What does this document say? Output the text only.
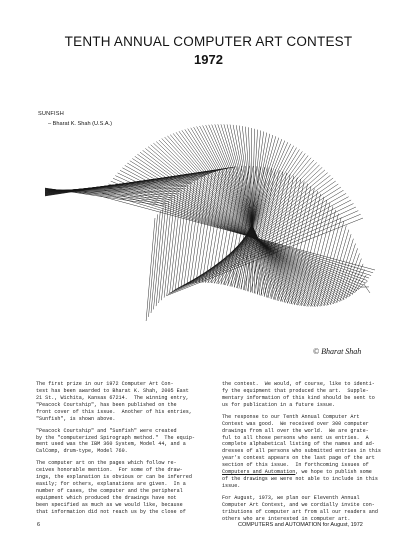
TENTH ANNUAL COMPUTER ART CONTEST
1972
SUNFISH
– Bharat K. Shah (U.S.A.)
© Bharat Shah

The first prize in our 1972 Computer Art Con-
test has been awarded to Bharat K. Shah, 2005 East
21 St., Wichita, Kansas 67214.  The winning entry,
"Peacock Courtship", has been published on the
front cover of this issue.  Another of his entries,
"Sunfish", is shown above.

"Peacock Courtship" and "Sunfish" were created
by the "computerized Spirograph method."  The equip-
ment used was the IBM 360 System, Model 44, and a
CalComp, drum-type, Model 760.

The computer art on the pages which follow re-
ceives honorable mention.  For some of the draw-
ings, the explanation is obvious or can be inferred
easily; for others, explanations are given.  In a
number of cases, the computer and the peripheral
equipment which produced the drawings have not
been specified as much as we would like, because
that information did not reach us by the close of

the contest.  We would, of course, like to identi-
fy the equipment that produced the art.  Supple-
mentary information of this kind should be sent to
us for publication in a future issue.

The response to our Tenth Annual Computer Art
Contest was good.  We received over 300 computer
drawings from all over the world.  We are grate-
ful to all those persons who sent us entries.  A
complete alphabetical listing of the names and ad-
dresses of all persons who submitted entries in this
year's contest appears on the last page of the art
section of this issue.  In forthcoming issues of
Computers and Automation, we hope to publish some
of the drawings we were not able to include in this
issue.

For August, 1973, we plan our Eleventh Annual
Computer Art Contest, and we cordially invite con-
tributions of computer art from all our readers and
others who are interested in computer art.

6	COMPUTERS and AUTOMATION for August, 1972
